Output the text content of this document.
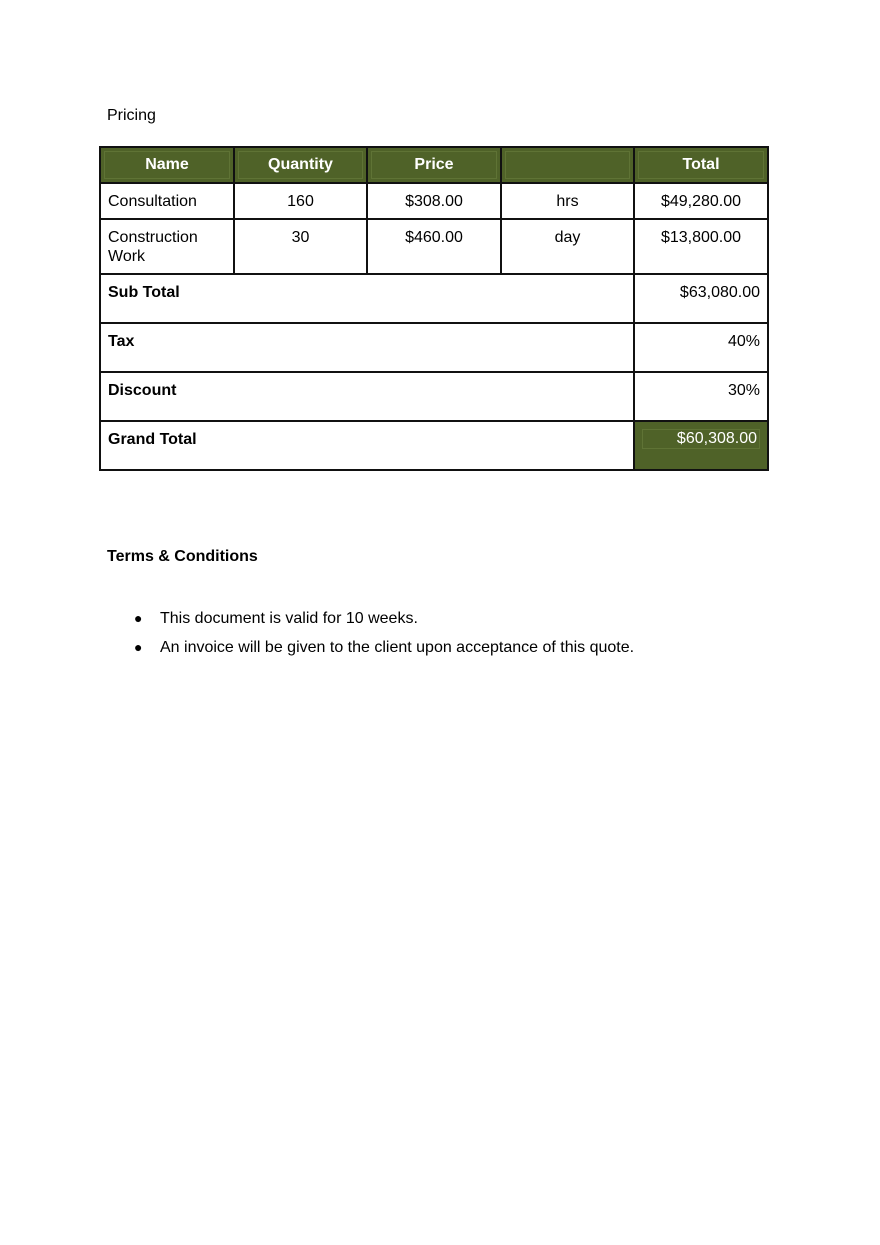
Pricing
Name	Quantity	Price		Total

Consultation	160	$308.00	hrs	$49,280.00

Construction Work	30	$460.00	day	$13,800.00

Sub Total				$63,080.00

Tax				40%

Discount				30%

Grand Total				$60,308.00
Terms & Conditions
● This document is valid for 10 weeks.
● An invoice will be given to the client upon acceptance of this quote.
